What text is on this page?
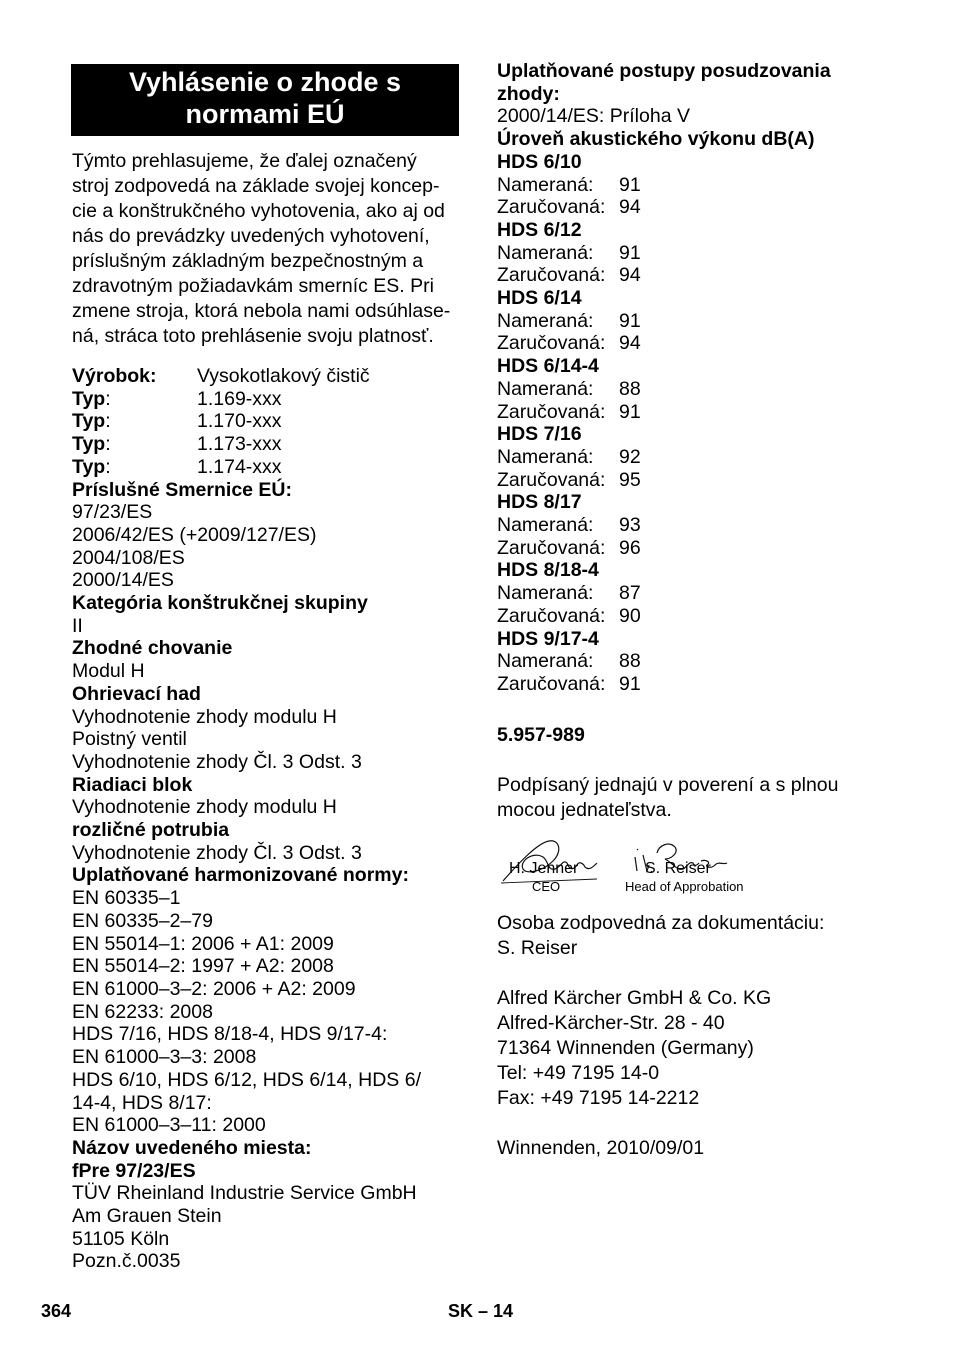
Vyhlásenie o zhode s normami EÚ

Týmto prehlasujeme, že ďalej označený

stroj zodpovedá na základe svojej koncep-

cie a konštrukčného vyhotovenia, ako aj od

nás do prevádzky uvedených vyhotovení,

príslušným základným bezpečnostným a

zdravotným požiadavkám smerníc ES. Pri

zmene stroja, ktorá nebola nami odsúhlase-

ná, stráca toto prehlásenie svoju platnosť.

Výrobok:	Vysokotlakový čistič
Typ:	1.169-xxx
Typ:	1.170-xxx
Typ:	1.173-xxx
Typ:	1.174-xxx
Príslušné Smernice EÚ:
97/23/ES
2006/42/ES (+2009/127/ES)
2004/108/ES
2000/14/ES
Kategória konštrukčnej skupiny
II
Zhodné chovanie
Modul H
Ohrievací had
Vyhodnotenie zhody modulu H
Poistný ventil
Vyhodnotenie zhody Čl. 3 Odst. 3
Riadiaci blok
Vyhodnotenie zhody modulu H
rozličné potrubia
Vyhodnotenie zhody Čl. 3 Odst. 3
Uplatňované harmonizované normy:
EN 60335–1
EN 60335–2–79
EN 55014–1: 2006 + A1: 2009
EN 55014–2: 1997 + A2: 2008
EN 61000–3–2: 2006 + A2: 2009
EN 62233: 2008
HDS 7/16, HDS 8/18-4, HDS 9/17-4:
EN 61000–3–3: 2008
HDS 6/10, HDS 6/12, HDS 6/14, HDS 6/
14-4, HDS 8/17:
EN 61000–3–11: 2000
Názov uvedeného miesta:
fPre 97/23/ES
TÜV Rheinland Industrie Service GmbH
Am Grauen Stein
51105 Köln
Pozn.č.0035
Uplatňované postupy posudzovania
zhody:
2000/14/ES: Príloha V
Úroveň akustického výkonu dB(A)
HDS 6/10
Nameraná:	91
Zaručovaná: 94
HDS 6/12
Nameraná:	91
Zaručovaná: 94
HDS 6/14
Nameraná:	91
Zaručovaná: 94
HDS 6/14-4
Nameraná:	88
Zaručovaná: 91
HDS 7/16
Nameraná:	92
Zaručovaná: 95
HDS 8/17
Nameraná:	93
Zaručovaná: 96
HDS 8/18-4
Nameraná:	87
Zaručovaná: 90
HDS 9/17-4
Nameraná:	88
Zaručovaná: 91
5.957-989
Podpísaný jednajú v poverení a s plnou
mocou jednateľstva.
H. Jenner
CEO
S. Reiser
Head of Approbation
Osoba zodpovedná za dokumentáciu:
S. Reiser
Alfred Kärcher GmbH & Co. KG
Alfred-Kärcher-Str. 28 - 40
71364 Winnenden (Germany)
Tel: +49 7195 14-0
Fax: +49 7195 14-2212
Winnenden, 2010/09/01
364	SK – 14
